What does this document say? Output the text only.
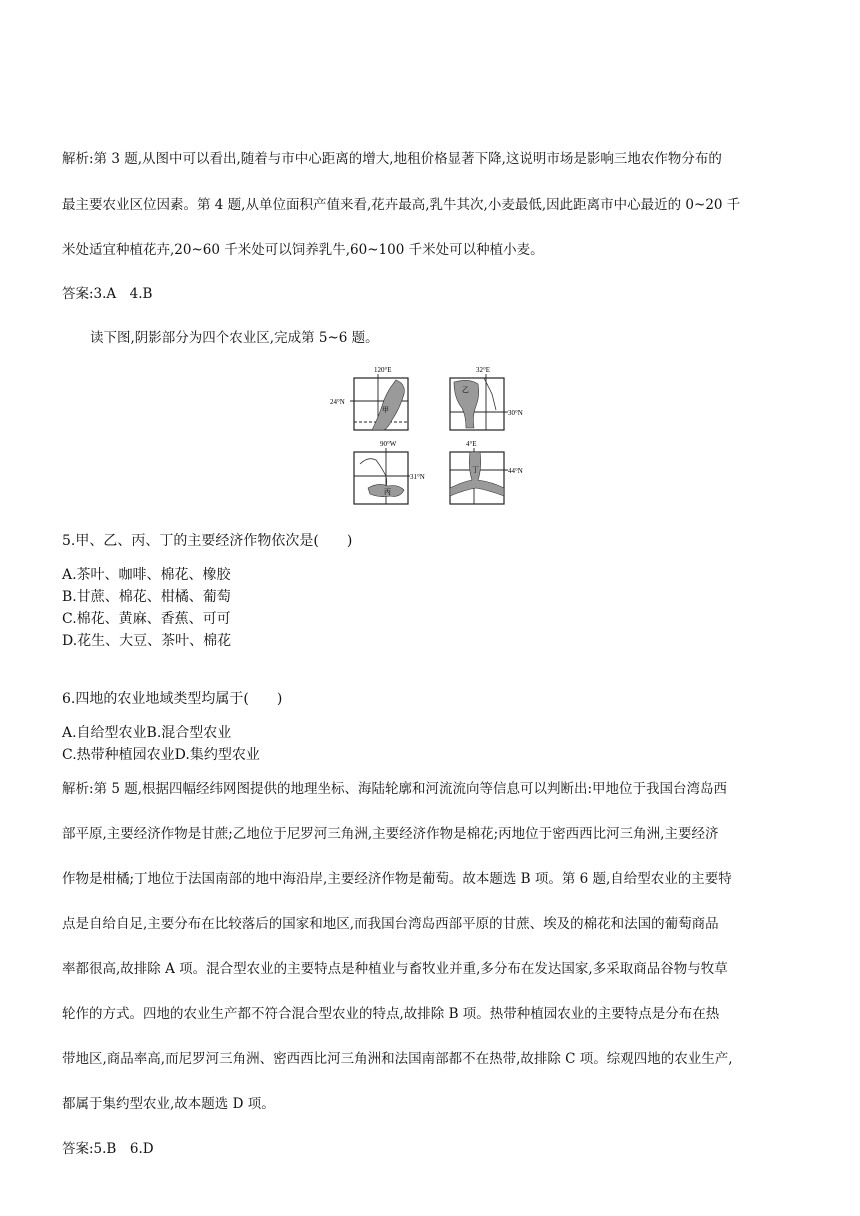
解析:第 3 题,从图中可以看出,随着与市中心距离的增大,地租价格显著下降,这说明市场是影响三地农作物分布的
最主要农业区位因素。第 4 题,从单位面积产值来看,花卉最高,乳牛其次,小麦最低,因此距离市中心最近的 0~20 千
米处适宜种植花卉,20~60 千米处可以饲养乳牛,60~100 千米处可以种植小麦。
答案:3.A　4.B
读下图,阴影部分为四个农业区,完成第 5~6 题。
120°E
24°N
甲
32°E
30°N
乙
90°W
31°N
丙
4°E
44°N
丁
5.甲、乙、丙、丁的主要经济作物依次是(　　)
A.茶叶、咖啡、棉花、橡胶
B.甘蔗、棉花、柑橘、葡萄
C.棉花、黄麻、香蕉、可可
D.花生、大豆、茶叶、棉花
6.四地的农业地域类型均属于(　　)
A.自给型农业B.混合型农业
C.热带种植园农业D.集约型农业
解析:第 5 题,根据四幅经纬网图提供的地理坐标、海陆轮廓和河流流向等信息可以判断出:甲地位于我国台湾岛西
部平原,主要经济作物是甘蔗;乙地位于尼罗河三角洲,主要经济作物是棉花;丙地位于密西西比河三角洲,主要经济
作物是柑橘;丁地位于法国南部的地中海沿岸,主要经济作物是葡萄。故本题选 B 项。第 6 题,自给型农业的主要特
点是自给自足,主要分布在比较落后的国家和地区,而我国台湾岛西部平原的甘蔗、埃及的棉花和法国的葡萄商品
率都很高,故排除 A 项。混合型农业的主要特点是种植业与畜牧业并重,多分布在发达国家,多采取商品谷物与牧草
轮作的方式。四地的农业生产都不符合混合型农业的特点,故排除 B 项。热带种植园农业的主要特点是分布在热
带地区,商品率高,而尼罗河三角洲、密西西比河三角洲和法国南部都不在热带,故排除 C 项。综观四地的农业生产,
都属于集约型农业,故本题选 D 项。
答案:5.B　6.D
